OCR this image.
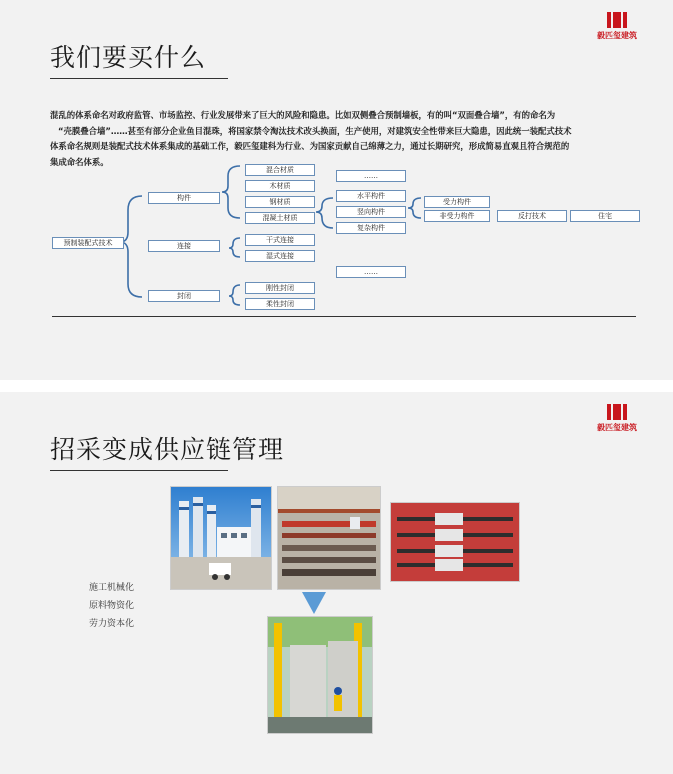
毅匹玺建筑
我们要买什么
混乱的体系命名对政府监管、市场监控、行业发展带来了巨大的风险和隐患。比如双侧叠合预制墙板，有的叫“双面叠合墙”，有的命名为
“壳膜叠合墙”……甚至有部分企业鱼目混珠，将国家禁令淘汰技术改头换面，生产使用，对建筑安全性带来巨大隐患，因此统一装配式技术
体系命名规则是装配式技术体系集成的基础工作，毅匹玺建科为行业、为国家贡献自己绵薄之力，通过长期研究，形成简易直观且符合规范的
集成命名体系。
预制装配式技术
构件
连接
封闭
混合材质
木材质
钢材质
混凝土材质
干式连接
湿式连接
刚性封闭
柔性封闭
……
水平构件
竖向构件
复杂构件
……
受力构件
非受力构件	反打技术	住宅
毅匹玺建筑
招采变成供应链管理
施工机械化
原料物资化
劳力资本化
